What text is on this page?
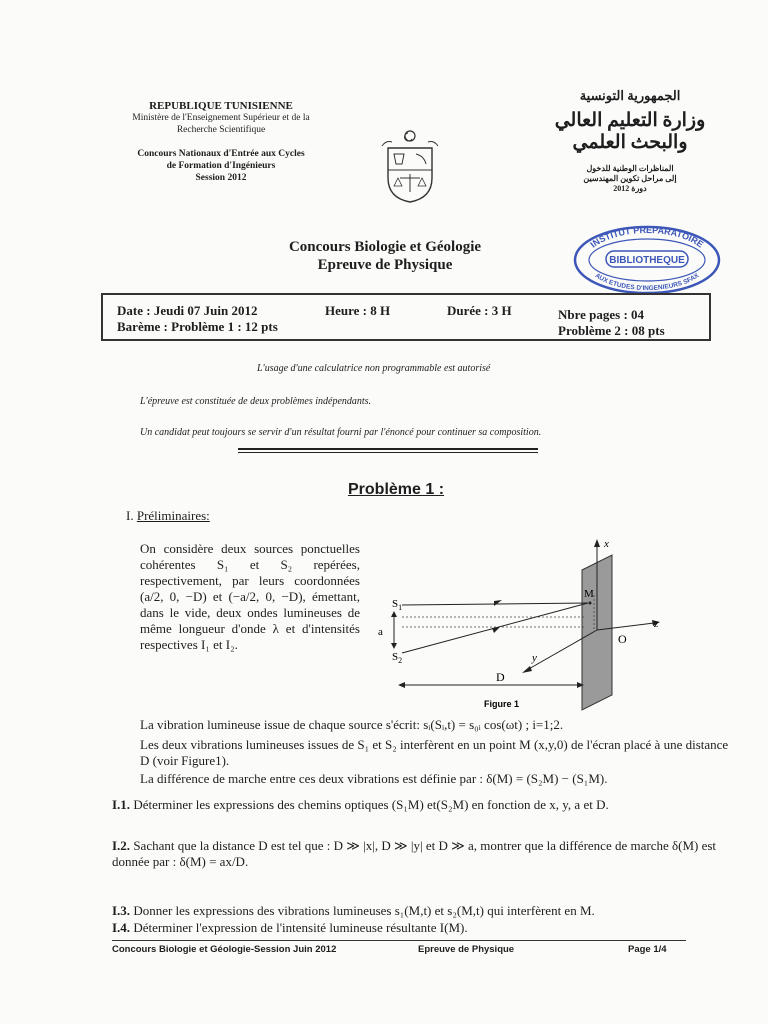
REPUBLIQUE TUNISIENNE
Ministère de l'Enseignement Supérieur et de la
Recherche Scientifique
Concours Nationaux d'Entrée aux Cycles
de Formation d'Ingénieurs
Session 2012
الجمهورية التونسية
وزارة التعليم العالي
والبحث العلمي
المناظرات الوطنية للدخول
إلى مراحل تكوين المهندسين
دورة 2012
INSTITUT PREPARATOIRE
BIBLIOTHEQUE
AUX ETUDES D'INGENIEURS SFAX
Concours Biologie et Géologie
Epreuve de Physique
Date : Jeudi 07 Juin 2012	Heure : 8 H	Durée : 3 H	Nbre pages : 04
Barème : Problème 1 : 12 pts	Problème 2 : 08 pts
L'usage d'une calculatrice non programmable est autorisé
L'épreuve est constituée de deux problèmes indépendants.
Un candidat peut toujours se servir d'un résultat fourni par l'énoncé pour continuer sa composition.
Problème 1 :
I. Préliminaires:

On considère deux sources ponctuelles cohérentes S₁ et S₂ repérées, respectivement, par leurs coordonnées (a/2, 0, −D) et (−a/2, 0, −D), émettant, dans le vide, deux ondes lumineuses de même longueur d'onde λ et d'intensités respectives I₁ et I₂.

x
z
y
O
$S_1$
$S_2$
a
M
D
Figure 1
La vibration lumineuse issue de chaque source s'écrit: sᵢ(Sᵢ,t) = s₀ᵢ cos(ωt) ; i=1;2.
Les deux vibrations lumineuses issues de S₁ et S₂ interfèrent en un point M (x,y,0) de l'écran placé à une distance D (voir Figure1).
La différence de marche entre ces deux vibrations est définie par : δ(M) = (S₂M) − (S₁M).
I.1. Déterminer les expressions des chemins optiques (S₁M) et(S₂M) en fonction de x, y, a et D.
I.2. Sachant que la distance D est tel que : D ≫ |x|, D ≫ |y| et D ≫ a, montrer que la différence de marche δ(M) est donnée par : δ(M) = ax/D.
I.3. Donner les expressions des vibrations lumineuses s₁(M,t) et s₂(M,t) qui interfèrent en M.
I.4. Déterminer l'expression de l'intensité lumineuse résultante I(M).
Concours Biologie et Géologie-Session Juin 2012	Epreuve de Physique	Page 1/4
